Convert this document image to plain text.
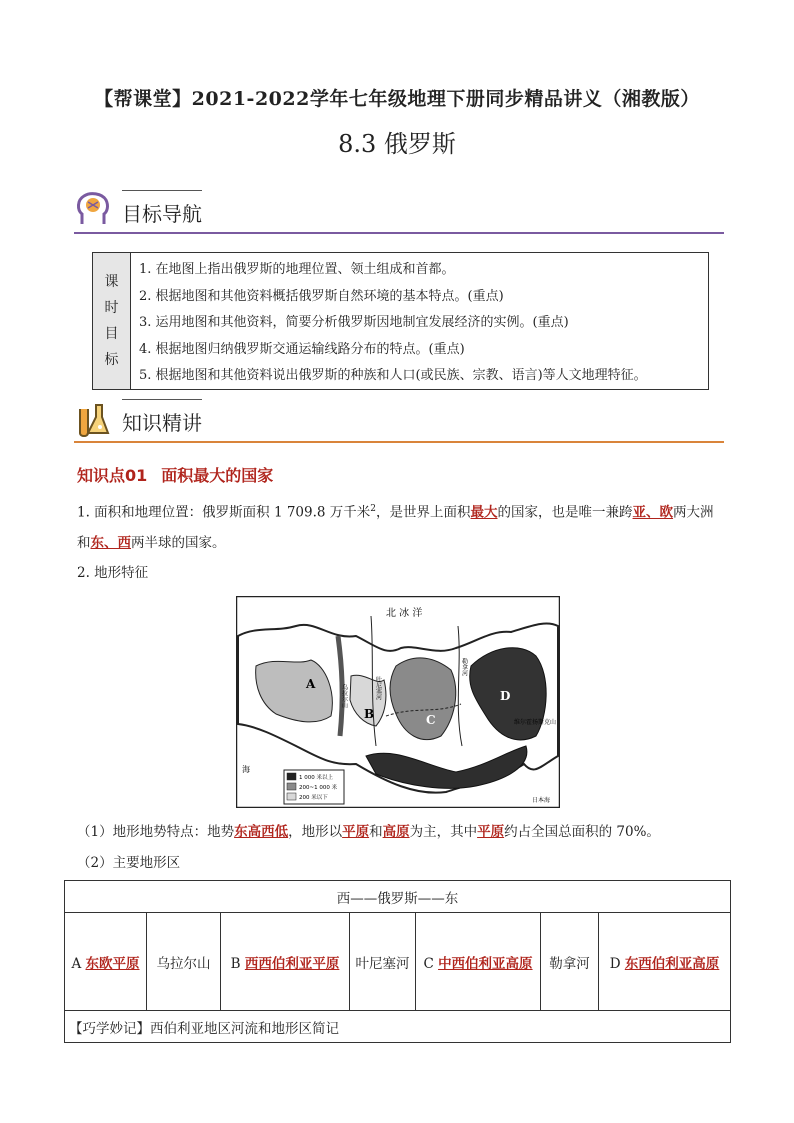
【帮课堂】2021-2022学年七年级地理下册同步精品讲义（湘教版）
8.3 俄罗斯
目标导航
课
时
目
标
1. 在地图上指出俄罗斯的地理位置、领土组成和首都。
2. 根据地图和其他资料概括俄罗斯自然环境的基本特点。(重点)
3. 运用地图和其他资料，简要分析俄罗斯因地制宜发展经济的实例。(重点)
4. 根据地图归纳俄罗斯交通运输线路分布的特点。(重点)
5. 根据地图和其他资料说出俄罗斯的种族和人口(或民族、宗教、语言)等人文地理特征。
知识精讲
知识点01 面积最大的国家
1. 面积和地理位置：俄罗斯面积 1 709.8 万千米$^2$，是世界上面积最大的国家，也是唯一兼跨亚、欧两大洲
和东、西两半球的国家。
2. 地形特征
北 冰 洋
A
B	C
D
叶尼塞河
勒拿河
乌拉尔山
维尔霍扬斯克山
日本海
海
1 000 米以上
200~1 000 米
200 米以下
（1）地形地势特点：地势东高西低，地形以平原和高原为主，其中平原约占全国总面积的 70%。
（2）主要地形区
西——俄罗斯——东
A 东欧平原	乌拉尔山	B 西西伯利亚平原	叶尼塞河	C 中西伯利亚高原	勒拿河	D 东西伯利亚高原
【巧学妙记】西伯利亚地区河流和地形区简记
